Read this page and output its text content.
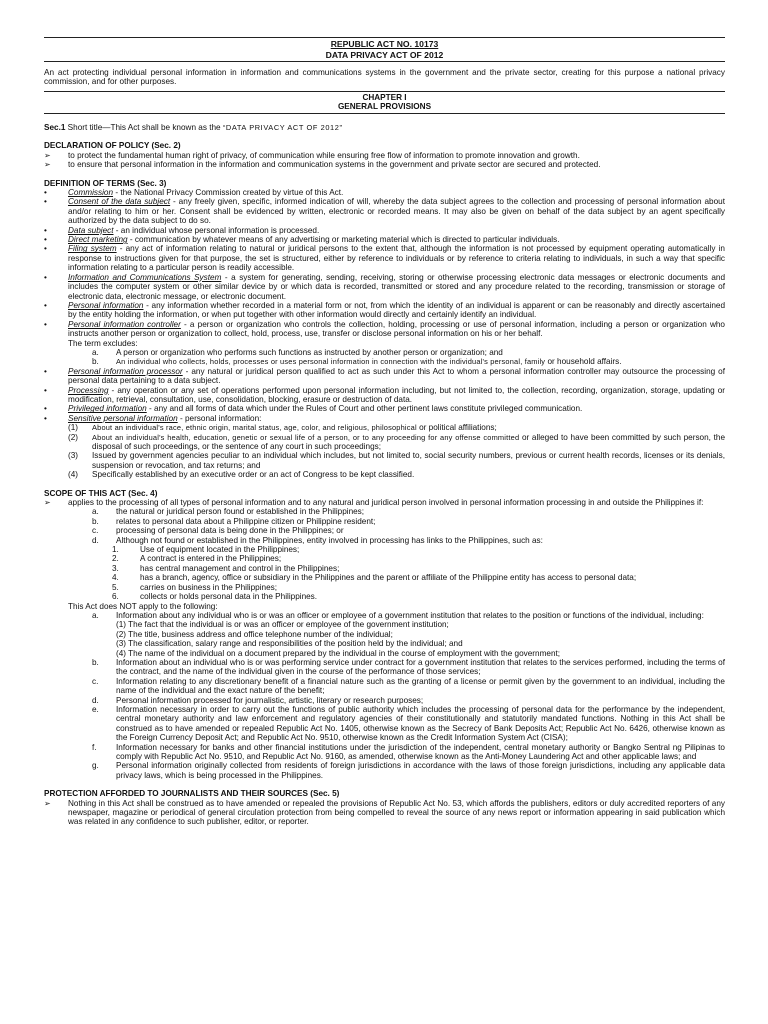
REPUBLIC ACT NO. 10173
DATA PRIVACY ACT OF 2012
An act protecting individual personal information in information and communications systems in the government and the private sector, creating for this purpose a national privacy commission, and for other purposes.
CHAPTER I
GENERAL PROVISIONS
Sec.1 Short title—This Act shall be known as the “DATA PRIVACY ACT OF 2012”
DECLARATION OF POLICY (Sec. 2)
➢	to protect the fundamental human right of privacy, of communication while ensuring free flow of information to promote innovation and growth.
➢	to ensure that personal information in the information and communication systems in the government and private sector are secured and protected.
DEFINITION OF TERMS (Sec. 3)
•	Commission - the National Privacy Commission created by virtue of this Act.
•	Consent of the data subject - any freely given, specific, informed indication of will, whereby the data subject agrees to the collection and processing of personal information about and/or relating to him or her. Consent shall be evidenced by written, electronic or recorded means. It may also be given on behalf of the data subject by an agent specifically authorized by the data subject to do so.
•	Data subject - an individual whose personal information is processed.
•	Direct marketing - communication by whatever means of any advertising or marketing material which is directed to particular individuals.
•	Filing system - any act of information relating to natural or juridical persons to the extent that, although the information is not processed by equipment operating automatically in response to instructions given for that purpose, the set is structured, either by reference to individuals or by reference to criteria relating to individuals, in such a way that specific information relating to a particular person is readily accessible.
•	Information and Communications System - a system for generating, sending, receiving, storing or otherwise processing electronic data messages or electronic documents and includes the computer system or other similar device by or which data is recorded, transmitted or stored and any procedure related to the recording, transmission or storage of electronic data, electronic message, or electronic document.
•	Personal information - any information whether recorded in a material form or not, from which the identity of an individual is apparent or can be reasonably and directly ascertained by the entity holding the information, or when put together with other information would directly and certainly identify an individual.
•	Personal information controller - a person or organization who controls the collection, holding, processing or use of personal information, including a person or organization who instructs another person or organization to collect, hold, process, use, transfer or disclose personal information on his or her behalf.
The term excludes:
a.	A person or organization who performs such functions as instructed by another person or organization; and
b.	An individual who collects, holds, processes or uses personal information in connection with the individual's personal, family or household affairs.
•	Personal information processor - any natural or juridical person qualified to act as such under this Act to whom a personal information controller may outsource the processing of personal data pertaining to a data subject.
•	Processing - any operation or any set of operations performed upon personal information including, but not limited to, the collection, recording, organization, storage, updating or modification, retrieval, consultation, use, consolidation, blocking, erasure or destruction of data.
•	Privileged information - any and all forms of data which under the Rules of Court and other pertinent laws constitute privileged communication.
•	Sensitive personal information - personal information:
(1)	About an individual's race, ethnic origin, marital status, age, color, and religious, philosophical or political affiliations;
(2)	About an individual's health, education, genetic or sexual life of a person, or to any proceeding for any offense committed or alleged to have been committed by such person, the disposal of such proceedings, or the sentence of any court in such proceedings;
(3)	Issued by government agencies peculiar to an individual which includes, but not limited to, social security numbers, previous or current health records, licenses or its denials, suspension or revocation, and tax returns; and
(4)	Specifically established by an executive order or an act of Congress to be kept classified.
SCOPE OF THIS ACT (Sec. 4)
➢	applies to the processing of all types of personal information and to any natural and juridical person involved in personal information processing in and outside the Philippines if:
a.	the natural or juridical person found or established in the Philippines;
b.	relates to personal data about a Philippine citizen or Philippine resident;
c.	processing of personal data is being done in the Philippines; or
d.	Although not found or established in the Philippines, entity involved in processing has links to the Philippines, such as:
1.	Use of equipment located in the Philippines;
2.	A contract is entered in the Philippines;
3.	has central management and control in the Philippines;
4.	has a branch, agency, office or subsidiary in the Philippines and the parent or affiliate of the Philippine entity has access to personal data;
5.	carries on business in the Philippines;
6.	collects or holds personal data in the Philippines.
This Act does NOT apply to the following:
a.	Information about any individual who is or was an officer or employee of a government institution that relates to the position or functions of the individual, including:
(1) The fact that the individual is or was an officer or employee of the government institution;
(2) The title, business address and office telephone number of the individual;
(3) The classification, salary range and responsibilities of the position held by the individual; and
(4) The name of the individual on a document prepared by the individual in the course of employment with the government;
b.	Information about an individual who is or was performing service under contract for a government institution that relates to the services performed, including the terms of the contract, and the name of the individual given in the course of the performance of those services;
c.	Information relating to any discretionary benefit of a financial nature such as the granting of a license or permit given by the government to an individual, including the name of the individual and the exact nature of the benefit;
d.	Personal information processed for journalistic, artistic, literary or research purposes;
e.	Information necessary in order to carry out the functions of public authority which includes the processing of personal data for the performance by the independent, central monetary authority and law enforcement and regulatory agencies of their constitutionally and statutorily mandated functions. Nothing in this Act shall be construed as to have amended or repealed Republic Act No. 1405, otherwise known as the Secrecy of Bank Deposits Act; Republic Act No. 6426, otherwise known as the Foreign Currency Deposit Act; and Republic Act No. 9510, otherwise known as the Credit Information System Act (CISA);
f.	Information necessary for banks and other financial institutions under the jurisdiction of the independent, central monetary authority or Bangko Sentral ng Pilipinas to comply with Republic Act No. 9510, and Republic Act No. 9160, as amended, otherwise known as the Anti-Money Laundering Act and other applicable laws; and
g.	Personal information originally collected from residents of foreign jurisdictions in accordance with the laws of those foreign jurisdictions, including any applicable data privacy laws, which is being processed in the Philippines.
PROTECTION AFFORDED TO JOURNALISTS AND THEIR SOURCES (Sec. 5)
➢	Nothing in this Act shall be construed as to have amended or repealed the provisions of Republic Act No. 53, which affords the publishers, editors or duly accredited reporters of any newspaper, magazine or periodical of general circulation protection from being compelled to reveal the source of any news report or information appearing in said publication which was related in any confidence to such publisher, editor, or reporter.
